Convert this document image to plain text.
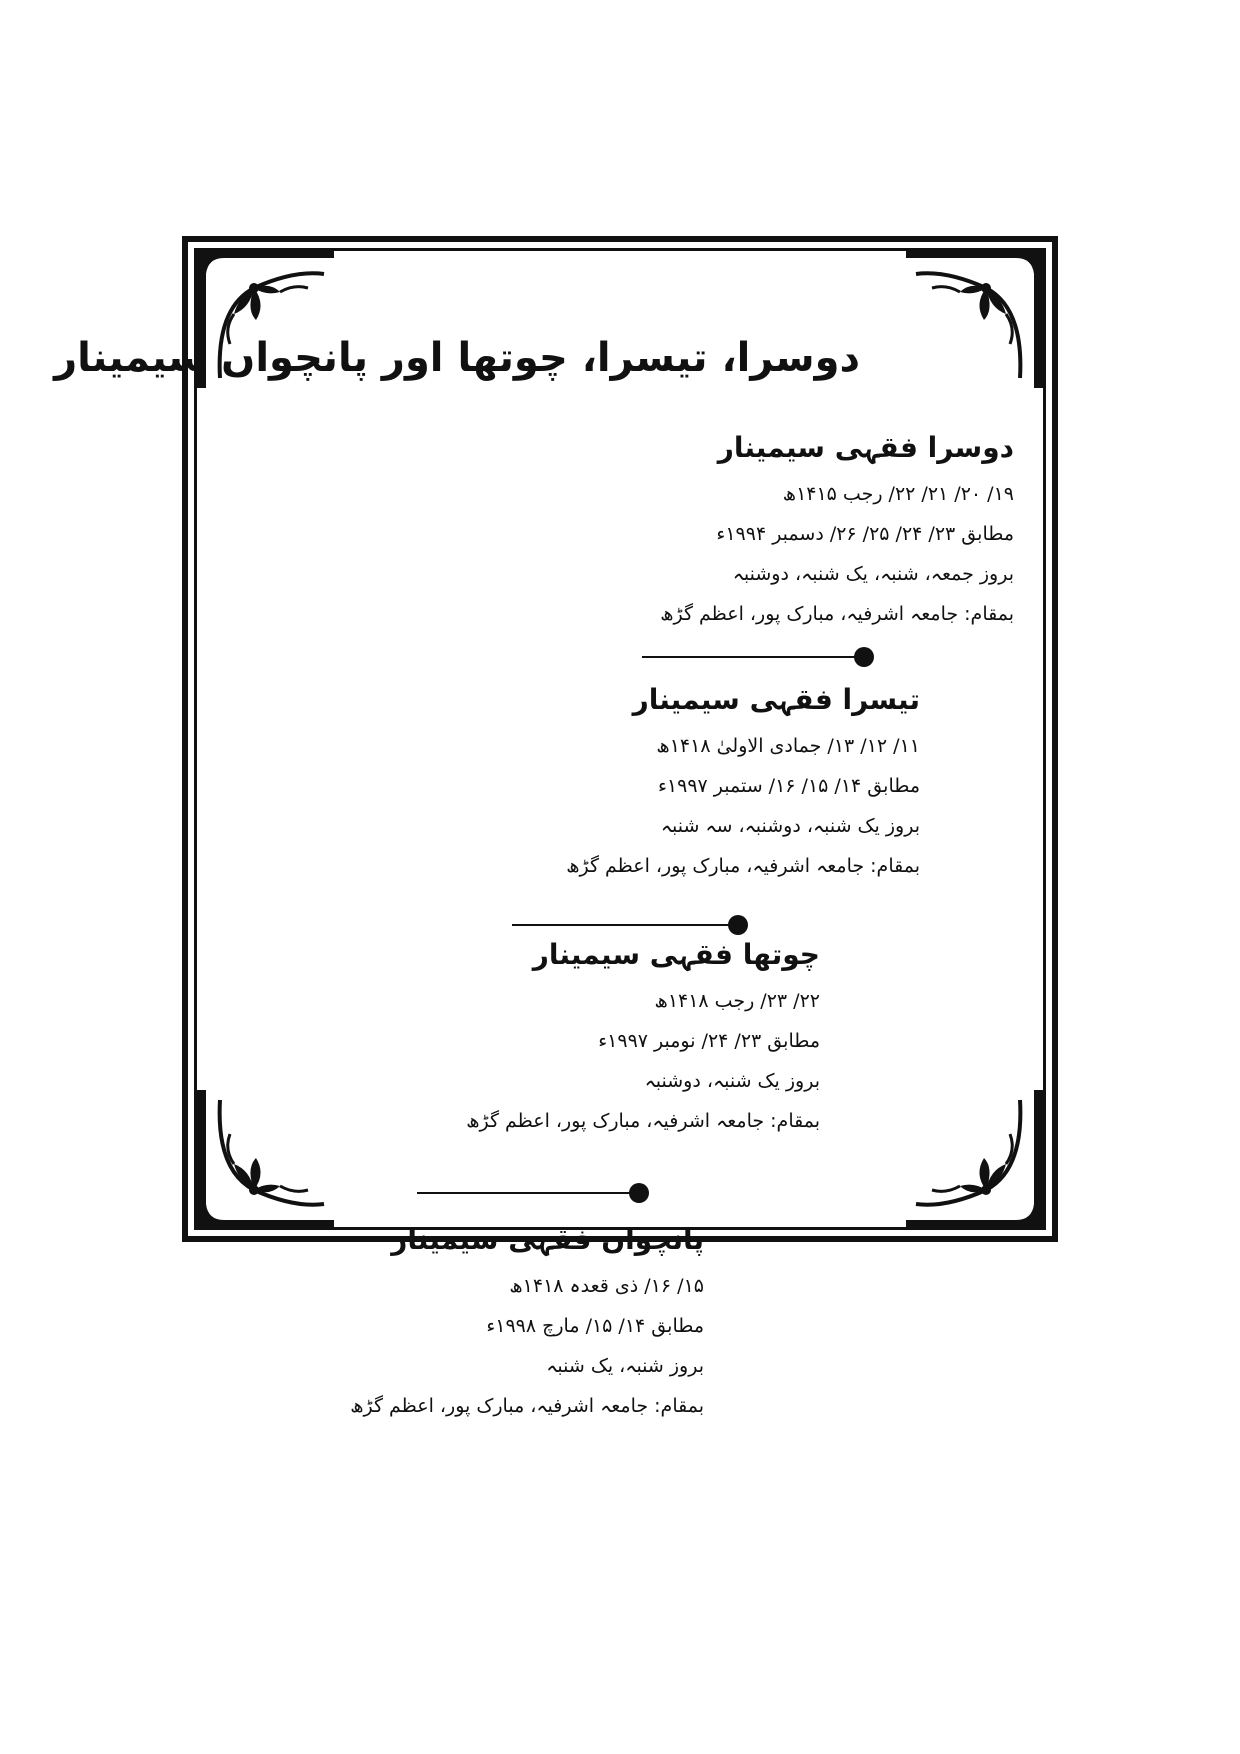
دوسرا، تیسرا، چوتھا اور پانچواں سیمینار
دوسرا فقہی سیمینار
۱۹/ ۲۰/ ۲۱/ ۲۲/ رجب ۱۴۱۵ھ
مطابق ۲۳/ ۲۴/ ۲۵/ ۲۶/ دسمبر ۱۹۹۴ء
بروز جمعہ، شنبہ، یک شنبہ، دوشنبہ
بمقام: جامعہ اشرفیہ، مبارک پور، اعظم گڑھ
تیسرا فقہی سیمینار
۱۱/ ۱۲/ ۱۳/ جمادی الاولیٰ ۱۴۱۸ھ
مطابق ۱۴/ ۱۵/ ۱۶/ ستمبر ۱۹۹۷ء
بروز یک شنبہ، دوشنبہ، سہ شنبہ
بمقام: جامعہ اشرفیہ، مبارک پور، اعظم گڑھ
چوتھا فقہی سیمینار
۲۲/ ۲۳/ رجب ۱۴۱۸ھ
مطابق ۲۳/ ۲۴/ نومبر ۱۹۹۷ء
بروز یک شنبہ، دوشنبہ
بمقام: جامعہ اشرفیہ، مبارک پور، اعظم گڑھ
پانچواں فقہی سیمینار
۱۵/ ۱۶/ ذی قعدہ ۱۴۱۸ھ
مطابق ۱۴/ ۱۵/ مارچ ۱۹۹۸ء
بروز شنبہ، یک شنبہ
بمقام: جامعہ اشرفیہ، مبارک پور، اعظم گڑھ
